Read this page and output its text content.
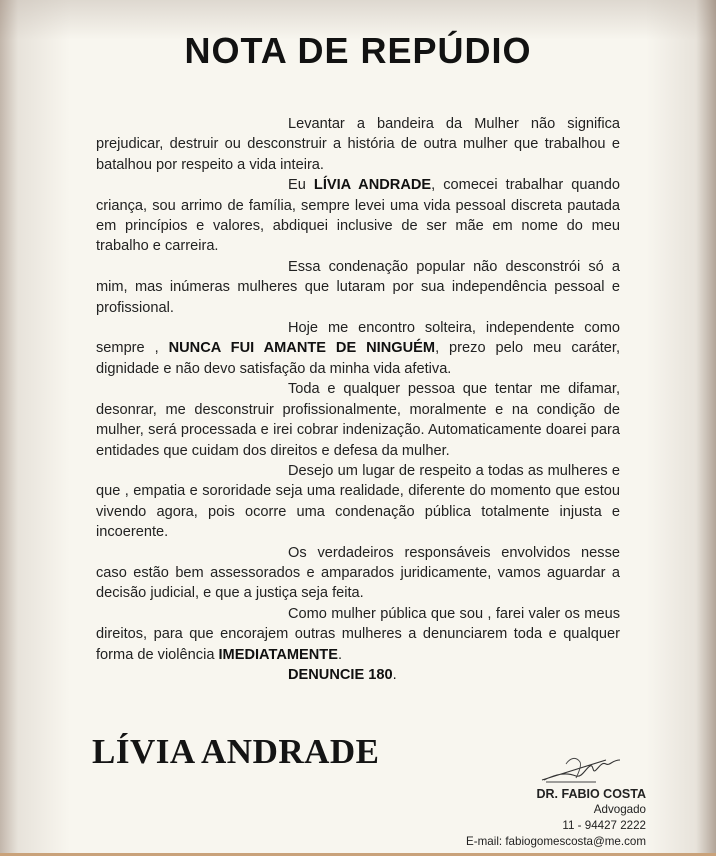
NOTA DE REPÚDIO

Levantar a bandeira da Mulher não significa prejudicar, destruir ou desconstruir a história de outra mulher que trabalhou e batalhou por respeito a vida inteira.

Eu LÍVIA ANDRADE, comecei trabalhar quando criança, sou arrimo de família, sempre levei uma vida pessoal discreta pautada em princípios e valores, abdiquei inclusive de ser mãe em nome do meu trabalho e carreira.

Essa condenação popular não desconstrói só a mim, mas inúmeras mulheres que lutaram por sua independência pessoal e profissional.

Hoje me encontro solteira, independente como sempre , NUNCA FUI AMANTE DE NINGUÉM, prezo pelo meu caráter, dignidade e não devo satisfação da minha vida afetiva.

Toda e qualquer pessoa que tentar me difamar, desonrar, me desconstruir profissionalmente, moralmente e na condição de mulher, será processada e irei cobrar indenização. Automaticamente doarei para entidades que cuidam dos direitos e defesa da mulher.

Desejo um lugar de respeito a todas as mulheres e que , empatia e sororidade seja uma realidade, diferente do momento que estou vivendo agora, pois ocorre uma condenação pública totalmente injusta e incoerente.

Os verdadeiros responsáveis envolvidos nesse caso estão bem assessorados e amparados juridicamente, vamos aguardar a decisão judicial, e que a justiça seja feita.

Como mulher pública que sou , farei valer os meus direitos, para que encorajem outras mulheres a denunciarem toda e qualquer forma de violência IMEDIATAMENTE.

DENUNCIE 180.

LÍVIA ANDRADE
DR. FABIO COSTA
Advogado
11 - 94427 2222
E-mail: fabiogomescosta@me.com
